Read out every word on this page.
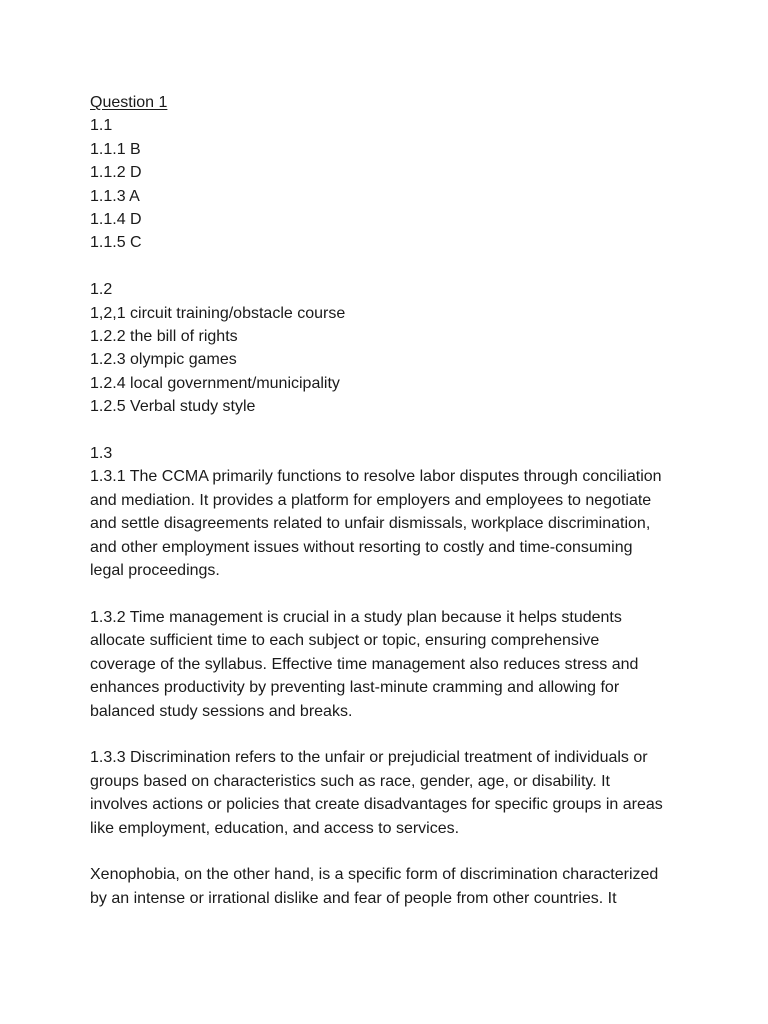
Question 1
1.1
1.1.1 B
1.1.2 D
1.1.3 A
1.1.4 D
1.1.5 C
1.2
1,2,1 circuit training/obstacle course
1.2.2 the bill of rights
1.2.3 olympic games
1.2.4 local government/municipality
1.2.5 Verbal study style
1.3
1.3.1 The CCMA primarily functions to resolve labor disputes through conciliation
and mediation. It provides a platform for employers and employees to negotiate
and settle disagreements related to unfair dismissals, workplace discrimination,
and other employment issues without resorting to costly and time-consuming
legal proceedings.
1.3.2 Time management is crucial in a study plan because it helps students
allocate sufficient time to each subject or topic, ensuring comprehensive
coverage of the syllabus. Effective time management also reduces stress and
enhances productivity by preventing last-minute cramming and allowing for
balanced study sessions and breaks.
1.3.3 Discrimination refers to the unfair or prejudicial treatment of individuals or
groups based on characteristics such as race, gender, age, or disability. It
involves actions or policies that create disadvantages for specific groups in areas
like employment, education, and access to services.
Xenophobia, on the other hand, is a specific form of discrimination characterized
by an intense or irrational dislike and fear of people from other countries. It
